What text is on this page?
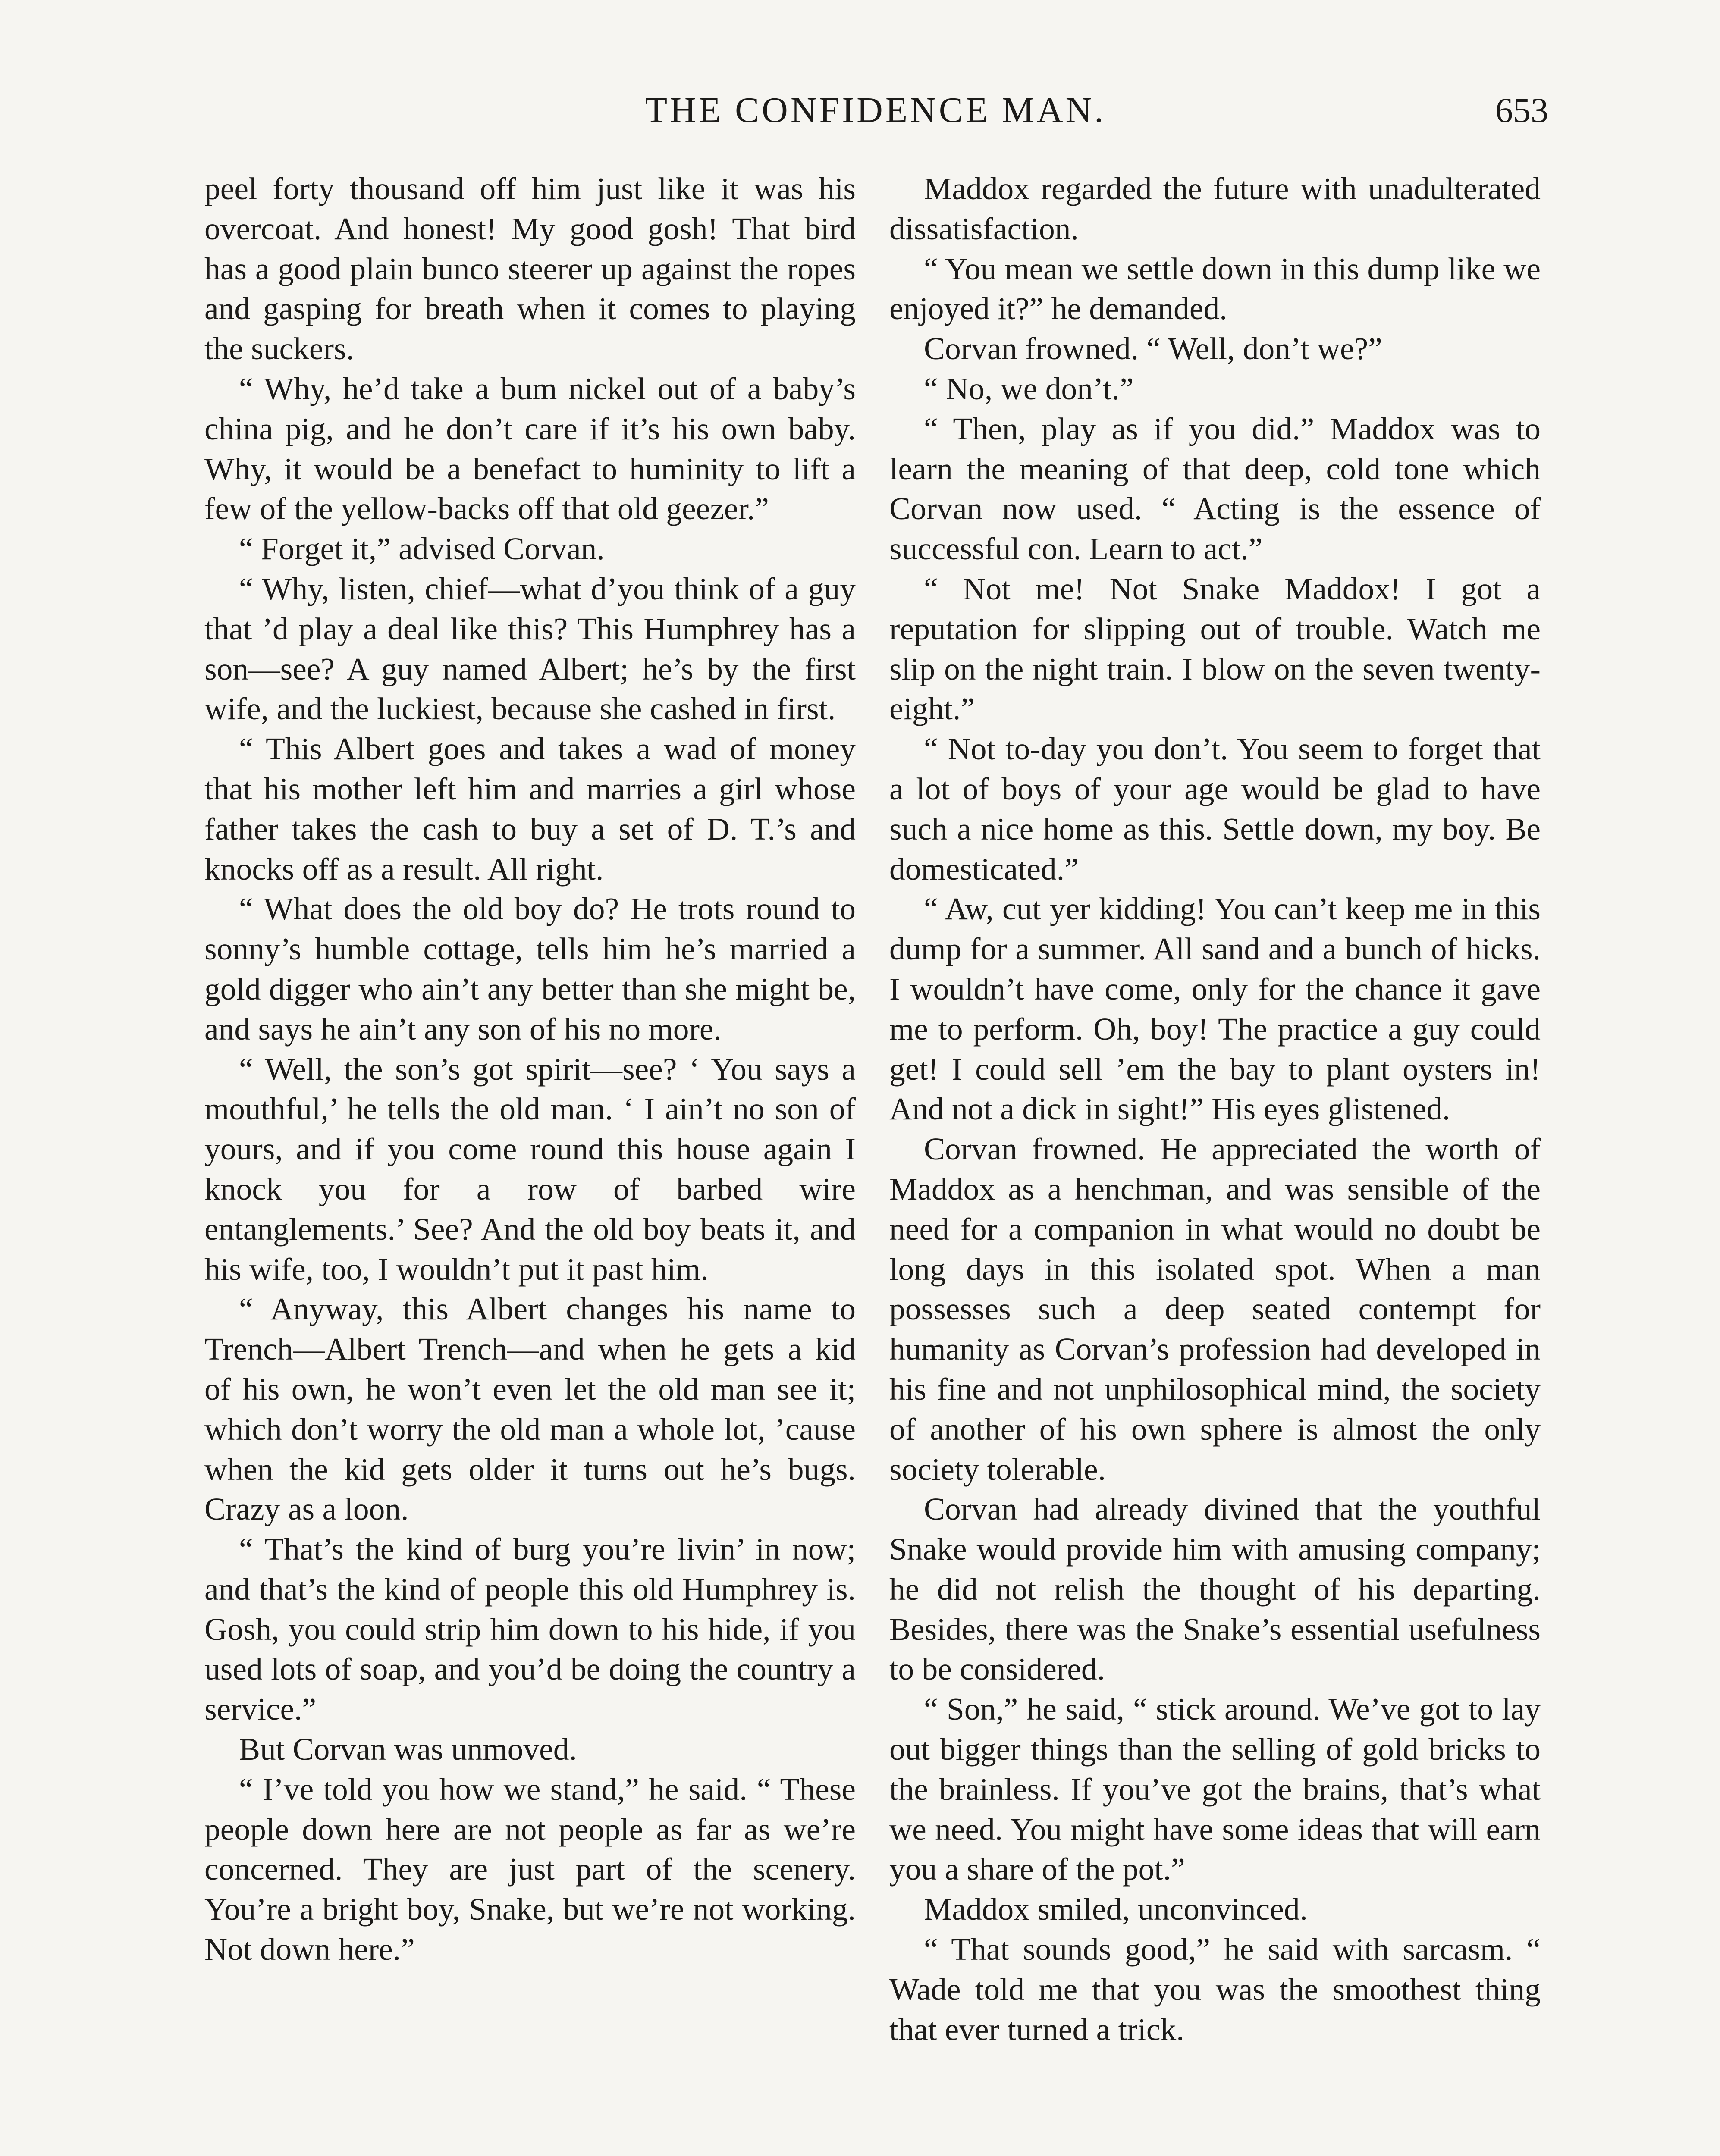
THE CONFIDENCE MAN.	653

peel forty thousand off him just like it was his overcoat. And honest! My good gosh! That bird has a good plain bunco steerer up against the ropes and gasping for breath when it comes to playing the suckers.

“ Why, he’d take a bum nickel out of a baby’s china pig, and he don’t care if it’s his own baby. Why, it would be a benefact to huminity to lift a few of the yellow-backs off that old geezer.”

“ Forget it,” advised Corvan.

“ Why, listen, chief—what d’you think of a guy that ’d play a deal like this? This Humphrey has a son—see? A guy named Albert; he’s by the first wife, and the luckiest, because she cashed in first.

“ This Albert goes and takes a wad of money that his mother left him and marries a girl whose father takes the cash to buy a set of D. T.’s and knocks off as a result. All right.

“ What does the old boy do? He trots round to sonny’s humble cottage, tells him he’s married a gold digger who ain’t any better than she might be, and says he ain’t any son of his no more.

“ Well, the son’s got spirit—see? ‘ You says a mouthful,’ he tells the old man. ‘ I ain’t no son of yours, and if you come round this house again I knock you for a row of barbed wire entanglements.’ See? And the old boy beats it, and his wife, too, I wouldn’t put it past him.

“ Anyway, this Albert changes his name to Trench—Albert Trench—and when he gets a kid of his own, he won’t even let the old man see it; which don’t worry the old man a whole lot, ’cause when the kid gets older it turns out he’s bugs. Crazy as a loon.

“ That’s the kind of burg you’re livin’ in now; and that’s the kind of people this old Humphrey is. Gosh, you could strip him down to his hide, if you used lots of soap, and you’d be doing the country a service.”

But Corvan was unmoved.

“ I’ve told you how we stand,” he said. “ These people down here are not people as far as we’re concerned. They are just part of the scenery. You’re a bright boy, Snake, but we’re not working. Not down here.”

Maddox regarded the future with unadulterated dissatisfaction.

“ You mean we settle down in this dump like we enjoyed it?” he demanded.

Corvan frowned. “ Well, don’t we?”

“ No, we don’t.”

“ Then, play as if you did.” Maddox was to learn the meaning of that deep, cold tone which Corvan now used. “ Acting is the essence of successful con. Learn to act.”

“ Not me! Not Snake Maddox! I got a reputation for slipping out of trouble. Watch me slip on the night train. I blow on the seven twenty-eight.”

“ Not to-day you don’t. You seem to forget that a lot of boys of your age would be glad to have such a nice home as this. Settle down, my boy. Be domesticated.”

“ Aw, cut yer kidding! You can’t keep me in this dump for a summer. All sand and a bunch of hicks. I wouldn’t have come, only for the chance it gave me to perform. Oh, boy! The practice a guy could get! I could sell ’em the bay to plant oysters in! And not a dick in sight!” His eyes glistened.

Corvan frowned. He appreciated the worth of Maddox as a henchman, and was sensible of the need for a companion in what would no doubt be long days in this isolated spot. When a man possesses such a deep seated contempt for humanity as Corvan’s profession had developed in his fine and not unphilosophical mind, the society of another of his own sphere is almost the only society tolerable.

Corvan had already divined that the youthful Snake would provide him with amusing company; he did not relish the thought of his departing. Besides, there was the Snake’s essential usefulness to be considered.

“ Son,” he said, “ stick around. We’ve got to lay out bigger things than the selling of gold bricks to the brainless. If you’ve got the brains, that’s what we need. You might have some ideas that will earn you a share of the pot.”

Maddox smiled, unconvinced.

“ That sounds good,” he said with sarcasm. “ Wade told me that you was the smoothest thing that ever turned a trick.
